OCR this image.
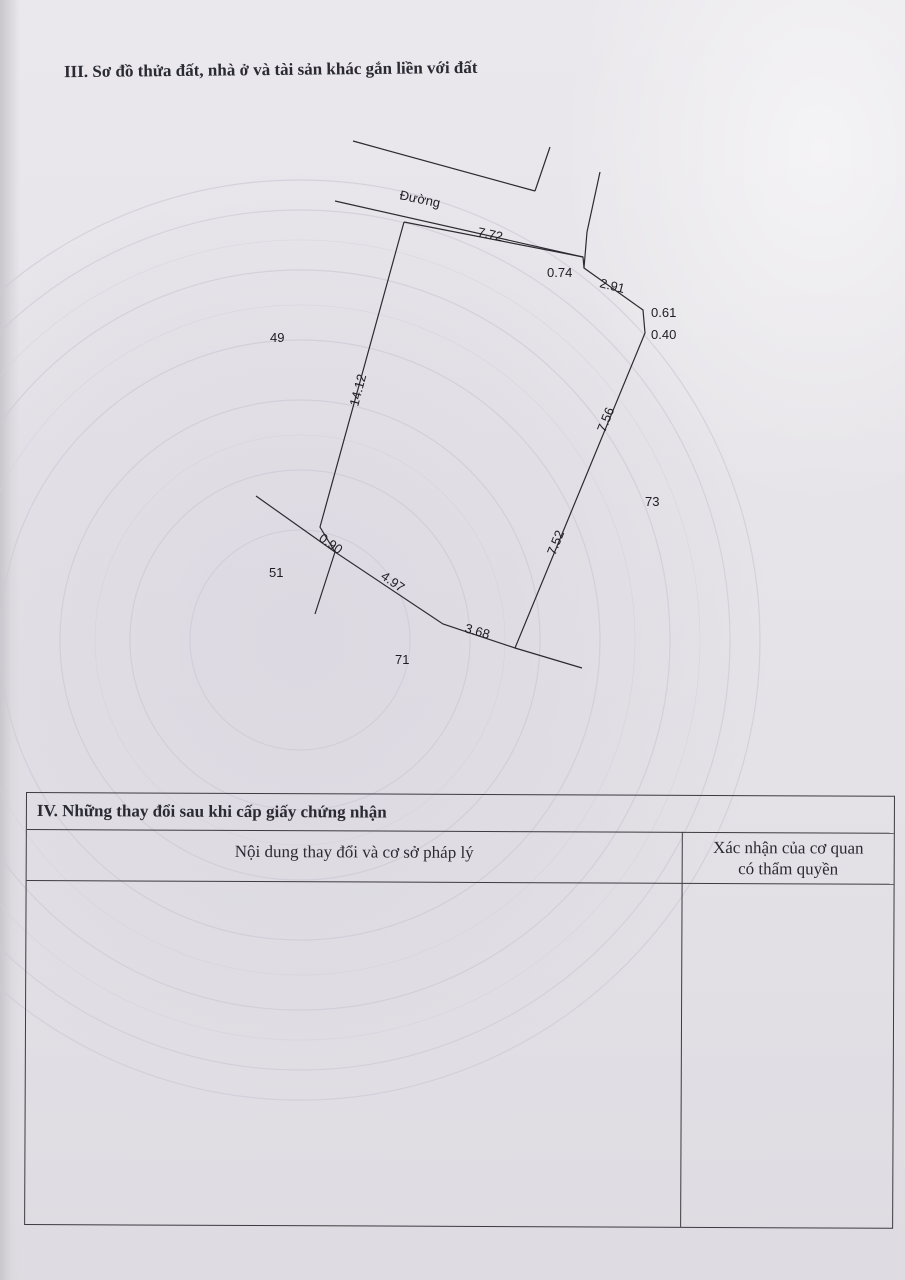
III. Sơ đồ thửa đất, nhà ở và tài sản khác gắn liền với đất
Đường
7.72
0.74
2.91
0.61
0.40
14.12
7.56
7.52
0.90
4.97
3.68
49
73
51
71
IV. Những thay đổi sau khi cấp giấy chứng nhận
Nội dung thay đổi và cơ sở pháp lý	Xác nhận của cơ quan
có thẩm quyền
